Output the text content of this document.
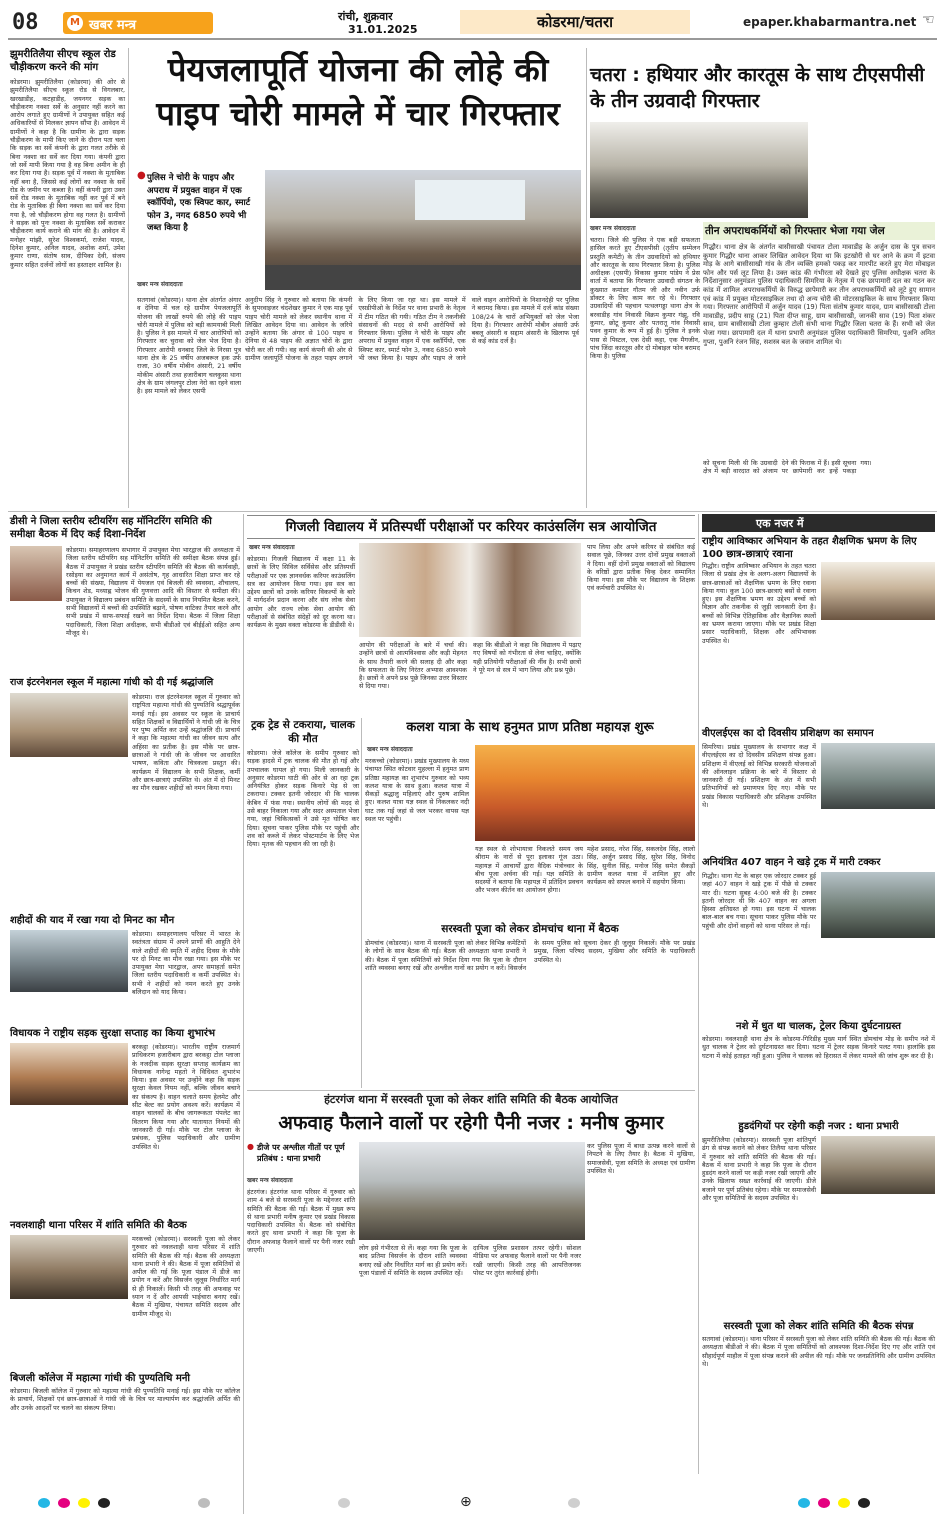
08	M खबर मन्त्र
रांची, शुक्रवार
31.01.2025	कोडरमा/चतरा	epaper.khabarmantra.net ☜
झुमरीतिलैया सीएच स्कूल रोड चौड़ीकरण करने की मांग
कोडरमा। झुमरीतिलैया (कोडरमा) की ओर से झुमरीतिलैया सीएच स्कूल रोड से विगलबार, खरखाडीह, कटहाडीह, जयनगर सड़क का चौड़ीकरण नक्शा सर्वे के अनुसार नहीं करने का आरोप लगाते हुए ग्रामीणों ने उपायुक्त सहित कई अधिकारियों से मिलकर ज्ञापन सौंपा है। आवेदन में ग्रामीणों ने कहा है कि ग्रामीण के द्वारा सड़क चौड़ीकरण के मापी किए जाने के दौरान पता चला कि सड़क का सर्वे कंपनी के द्वारा गलत तरीके से बिना नक्शा का सर्वे कर दिया गया। कंपनी द्वारा जो सर्वे मापी किया गया है वह बिना अमीन के ही कर दिया गया है। सड़क पूर्व में नक्शा के मुताबिक नहीं बना है, जिससे कई लोगों का नक्शा के सर्वे रोड के जमीन पर कब्जा है। वहीं कंपनी द्वारा उक्त सर्वे रोड नक्शा के मुताबिक नहीं कर पूर्व में बने रोड के मुताबिक ही बिना नक्शा का सर्वे कर दिया गया है, जो चौड़ीकरण होगा वह गलत है। ग्रामीणों ने सड़क को पुनः नक्शा के मुताबिक सर्वे कराकर चौड़ीकरण कार्य कराने की मांग की है। आवेदन में मनोहर मांझी, सुरेश विश्वकर्मा, राजेश यादव, दिनेश कुमार, अनिल यादव, अशोक शर्मा, उमेश कुमार राणा, संतोष साव, दीपिका देवी, संजय कुमार सहित दर्जनों लोगों का हस्ताक्षर शामिल है।
पेयजलापूर्ति योजना की लोहे की पाइप चोरी मामले में चार गिरफ्तार
● पुलिस ने चोरी के पाइप और अपराध में प्रयुक्त वाहन में एक स्कॉर्पियो, एक स्विफ्ट कार, स्मार्ट फोन 3, नगद 6850 रुपये भी जब्त किया है
खबर मन्त्र संवाददाता
सतगावां (कोडरमा)। थाना क्षेत्र अंतर्गत अंगार व देनिया में चल रहे ग्रामीण पेयजलापूर्ति योजना की लाखों रुपये की लोहे की पाइप चोरी मामले में पुलिस को बड़ी कामयाबी मिली है। पुलिस ने इस मामले में चार आरोपियों को गिरफ्तार कर चुरावा को जेल भेज दिया है। गिरफ्तार आरोपी धनबाद जिले के निरसा पुत्र थाना क्षेत्र के 25 वर्षीय अजबरूल हक उर्फ राजा, 30 वर्षीय मोबीन अंसारी, 21 वर्षीय मोकीम अंसारी तथा हजारीबाग चलकुसा थाना क्षेत्र के ग्राम जंगलपुर टोला नेरो का रहने वाला है। इस मामले को लेकर एसपी
अनुदीप सिंह ने गुरुवार को बताया कि कंपनी के सुपरवाइजर चंदशेखर कुमार ने एक माह पूर्व पाइप चोरी मामले को लेकर स्थानीय थाना में लिखित आवेदन दिया था। आवेदन के जरिये उन्होंने बताया कि अंगार से 100 पाइप व देनिया से 48 पाइप की अज्ञात चोरों के द्वारा चोरी कर ली गयी। वह कार्य कंपनी की ओर से ग्रामीण जलापूर्ति योजना के तहत पाइप लगाने के लिए किया जा रहा था। इस मामले में एसडीपीओ के निर्देश पर थाना प्रभारी के नेतृत्व में टीम गठित की गयी। गठित टीम ने तकनीकी संसाधनों की मदद से सभी आरोपियों को गिरफ्तार किया। पुलिस ने चोरी के पाइप और अपराध में प्रयुक्त वाहन में एक स्कॉर्पियो, एक स्विफ्ट कार, स्मार्ट फोन 3, नकद 6850 रुपये भी जब्त किया है। पाइप और पाइप ले जाने वाले वाहन आरोपियों के निशानदेही पर पुलिस ने बरामद किया। इस मामले में दर्ज कांड संख्या 108/24 के चारों अभियुक्तों को जेल भेजा दिया है। गिरफ्तार आरोपी मोबीन अंसारी उर्फ बबलू अंसारी व सद्दाम अंसारी के खिलाफ पूर्व से कई कांड दर्ज है।
चतरा : हथियार और कारतूस के साथ टीएसपीसी के तीन उग्रवादी गिरफ्तार
खबर मन्त्र संवाददाता
चतरा। जिले की पुलिस ने एक बड़ी सफलता हासिल करते हुए टीएसपीसी (तृतीय सम्मेलन प्रस्तुति कमेटी) के तीन उग्रवादियों को हथियार और कारतूस के साथ गिरफ्तार किया है। पुलिस अधीक्षक (एसपी) विकास कुमार पांडेय ने प्रेस वार्ता में बताया कि गिरफ्तार उग्रवादी संगठन के कुख्यात कमांडर गौतम जी और नवीन उर्फ डॉक्टर के लिए काम कर रहे थे। गिरफ्तार उग्रवादियों की पहचान पत्थलगड्डा थाना क्षेत्र के बरवाडीह गांव निवासी विक्रम कुमार गंझू, रवि कुमार, छोटू कुमार और पतरातू गांव निवासी पवन कुमार के रूप में हुई है। पुलिस ने इनके पास से पिस्टल, एक देसी कट्टा, एक मैगजीन, पांच जिंदा कारतूस और दो मोबाइल फोन बरामद किया है। पुलिस
तीन अपराधकर्मियों को गिरफ्तार भेजा गया जेल
गिद्धौर। थाना क्षेत्र के अंतर्गत बासीसाखी पंचायत टोला मावाडीह के अर्जुन दास के पुत्र सचन कुमार गिद्धौर थाना आकर लिखित आवेदन दिया था कि इटखोरी से घर आने के क्रम में इटवा मोड़ के आगे बासीसाखी गांव के तीन व्यक्ति हमको पकड़ कर मारपीट करते हुए मेरा मोबाइल फोन और पर्स लूट लिया है। उक्त कांड की गंभीरता को देखते हुए पुलिस अधीक्षक चतरा के निर्देशानुसार अनुमंडल पुलिस पदाधिकारी सिमरिया के नेतृत्व में एक छापामारी दल का गठन कर कांड में शामिल अपराधकर्मियों के विरुद्ध छापेमारी कर तीन अपराधकर्मियों को लूटे हुए सामान एवं कांड में प्रयुक्त मोटरसाइकिल तथा दो अन्य चोरी की मोटरसाइकिल के साथ गिरफ्तार किया गया। गिरफ्तार आरोपियों में अर्जुन यादव (19) पिता संतोष कुमार यादव, ग्राम बासीसाखी टोला मावाडीह, प्रदीप साहू (21) पिता दीप्त साहू, ग्राम बासीसाखी, जानकी साव (19) पिता शंकर साव, ग्राम बासीसाखी टोला कुम्हार टोली सभी थाना गिद्धौर जिला चतरा के हैं। सभी को जेल भेजा गया। छापामारी दल में थाना प्रभारी अनुमंडल पुलिस पदाधिकारी सिमरिया, पुअनि अमित गुप्ता, पुअनि रंजन सिंह, सशस्त्र बल के जवान शामिल थे।
को सूचना मिली थी कि उग्रवादी क्षेत्र में बड़ी वारदात को अंजाम देने की फिराक में हैं। इसी सूचना पर छापेमारी कर इन्हें पकड़ा गया।
डीसी ने जिला स्तरीय स्टीयरिंग सह मॉनिटरिंग समिति की समीक्षा बैठक में दिए कई दिशा-निर्देश
कोडरमा। समाहरणालय सभागार में उपायुक्त मेघा भारद्वाज की अध्यक्षता में जिला स्तरीय स्टीयरिंग सह मॉनिटरिंग समिति की समीक्षा बैठक संपन्न हुई। बैठक में उपायुक्त ने प्रखंड स्तरीय स्टीयरिंग समिति की बैठक की कार्यवाही, रसोइया का अनुमानत कार्य में असंतोष, गृह आधारित शिक्षा प्राप्त कर रहे बच्चों की संख्या, विद्यालय में पेयजल एवं बिजली की व्यवस्था, शौचालय, किचन शेड, मध्याह्न भोजन की गुणवत्ता आदि की विस्तार से समीक्षा की। उपायुक्त ने विद्यालय प्रबंधन समिति के सदस्यों के साथ नियमित बैठक करने, सभी विद्यालयों में बच्चों की उपस्थिति बढ़ाने, पोषण वाटिका तैयार करने और सभी प्रखंड में साफ-सफाई रखने का निर्देश दिया। बैठक में जिला शिक्षा पदाधिकारी, जिला शिक्षा अधीक्षक, सभी बीडीओ एवं बीईईओ सहित अन्य मौजूद थे।
राज इंटरनेशनल स्कूल में महात्मा गांधी को दी गई श्रद्धांजलि
कोडरमा। राज इंटरनेशनल स्कूल में गुरुवार को राष्ट्रपिता महात्मा गांधी की पुण्यतिथि श्रद्धापूर्वक मनाई गई। इस अवसर पर स्कूल के प्राचार्य सहित शिक्षकों व विद्यार्थियों ने गांधी जी के चित्र पर पुष्प अर्पित कर उन्हें श्रद्धांजलि दी। प्राचार्य ने कहा कि महात्मा गांधी का जीवन सत्य और अहिंसा का प्रतीक है। इस मौके पर छात्र-छात्राओं ने गांधी जी के जीवन पर आधारित भाषण, कविता और चित्रकला प्रस्तुत की। कार्यक्रम में विद्यालय के सभी शिक्षक, कर्मी और छात्र-छात्राएं उपस्थित थे। अंत में दो मिनट का मौन रखकर शहीदों को नमन किया गया।
शहीदों की याद में रखा गया दो मिनट का मौन
कोडरमा। समाहरणालय परिसर में भारत के स्वतंत्रता संग्राम में अपने प्राणों की आहुति देने वाले शहीदों की स्मृति में शहीद दिवस के मौके पर दो मिनट का मौन रखा गया। इस मौके पर उपायुक्त मेघा भारद्वाज, अपर समाहर्ता समेत जिला स्तरीय पदाधिकारी व कर्मी उपस्थित थे। सभी ने शहीदों को नमन करते हुए उनके बलिदान को याद किया।
विधायक ने राष्ट्रीय सड़क सुरक्षा सप्ताह का किया शुभारंभ
बरकट्ठा (कोडरमा)। भारतीय राष्ट्रीय राजमार्ग प्राधिकरण हजारीबाग द्वारा बरकट्ठा टोल प्लाजा के नजदीक सड़क सुरक्षा सप्ताह कार्यक्रम का विधायक नागेन्द्र महतो ने विधिवत शुभारंभ किया। इस अवसर पर उन्होंने कहा कि सड़क सुरक्षा केवल नियम नहीं, बल्कि जीवन बचाने का संकल्प है। वाहन चलाते समय हेलमेट और सीट बेल्ट का प्रयोग अवश्य करें। कार्यक्रम में वाहन चालकों के बीच जागरूकता पंपलेट का वितरण किया गया और यातायात नियमों की जानकारी दी गई। मौके पर टोल प्लाजा के प्रबंधक, पुलिस पदाधिकारी और ग्रामीण उपस्थित थे।
नवलशाही थाना परिसर में शांति समिति की बैठक
मरकच्चो (कोडरमा)। सरस्वती पूजा को लेकर गुरुवार को नवलशाही थाना परिसर में शांति समिति की बैठक की गई। बैठक की अध्यक्षता थाना प्रभारी ने की। बैठक में पूजा समितियों से अपील की गई कि पूजा पंडाल में डीजे का प्रयोग न करें और विसर्जन जुलूस निर्धारित मार्ग से ही निकालें। किसी भी तरह की अफवाह पर ध्यान न दें और आपसी भाईचारा बनाए रखें। बैठक में मुखिया, पंचायत समिति सदस्य और ग्रामीण मौजूद थे।
बिजली कॉलेज में महात्मा गांधी की पुण्यतिथि मनी
कोडरमा। बिजली कॉलेज में गुरुवार को महात्मा गांधी की पुण्यतिथि मनाई गई। इस मौके पर कॉलेज के प्राचार्य, शिक्षकों एवं छात्र-छात्राओं ने गांधी जी के चित्र पर माल्यार्पण कर श्रद्धांजलि अर्पित की और उनके आदर्शों पर चलने का संकल्प लिया।
गिजली विद्यालय में प्रतिस्पर्धी परीक्षाओं पर करियर काउंसलिंग सत्र आयोजित
खबर मन्त्र संवाददाता
कोडरमा। गिजली विद्यालय में कक्षा 11 के छात्रों के लिए सिविल सर्विसेस और प्रतिस्पर्धी परीक्षाओं पर एक ज्ञानवर्धक करियर काउंसलिंग सत्र का आयोजन किया गया। इस सत्र का उद्देश्य छात्रों को उनके करियर विकल्पों के बारे में मार्गदर्शन प्रदान करना और संघ लोक सेवा आयोग और राज्य लोक सेवा आयोग की परीक्षाओं से संबंधित संदेहों को दूर करना था। कार्यक्रम के मुख्य वक्ता कोडरमा के डीडीसी थे।
आयोग की परीक्षाओं के बारे में चर्चा की। उन्होंने छात्रों से आत्मविश्वास और कड़ी मेहनत के साथ तैयारी करने की सलाह दी और कहा कि सफलता के लिए निरंतर अभ्यास आवश्यक है। छात्रों ने अपने प्रश्न पूछे जिनका उत्तर विस्तार से दिया गया।
कहा कि बीडीओ ने कहा कि विद्यालय में पढ़ाए गए विषयों को गंभीरता से लेना चाहिए, क्योंकि यही प्रतियोगी परीक्षाओं की नींव है। सभी छात्रों ने पूरे मन से सत्र में भाग लिया और प्रश्न पूछे।
पाप लिया और अपने करियर से संबंधित कई सवाल पूछे, जिनका उत्तर दोनों प्रमुख वक्ताओं ने दिया। वहीं दोनों प्रमुख वक्ताओं को विद्यालय के वरिष्ठों द्वारा प्रतीक चिन्ह देकर सम्मानित किया गया। इस मौके पर विद्यालय के शिक्षक एवं कर्मचारी उपस्थित थे।
ट्रक ट्रेड से टकराया, चालक की मौत
कोडरमा। जेजे कॉलेज के समीप गुरुवार को सड़क हादसे में ट्रक चालक की मौत हो गई और उपचालक घायल हो गया। मिली जानकारी के अनुसार कोडरमा घाटी की ओर से आ रहा ट्रक अनियंत्रित होकर सड़क किनारे पेड़ से जा टकराया। टक्कर इतनी जोरदार थी कि चालक केबिन में फंस गया। स्थानीय लोगों की मदद से उसे बाहर निकाला गया और सदर अस्पताल भेजा गया, जहां चिकित्सकों ने उसे मृत घोषित कर दिया। सूचना पाकर पुलिस मौके पर पहुंची और शव को कब्जे में लेकर पोस्टमार्टम के लिए भेज दिया। मृतक की पहचान की जा रही है।
कलश यात्रा के साथ हनुमत प्राण प्रतिष्ठा महायज्ञ शुरू
खबर मन्त्र संवाददाता
मरकच्चो (कोडरमा)। प्रखंड मुख्यालय के मध्य पंचायत स्थित कोटवार मुहल्ला में हनुमत प्राण प्रतिष्ठा महायज्ञ का शुभारंभ गुरुवार को भव्य कलश यात्रा के साथ हुआ। कलश यात्रा में सैकड़ों श्रद्धालु महिलाएं और पुरुष शामिल हुए। कलश यात्रा यज्ञ स्थल से निकलकर नदी घाट तक गई जहां से जल भरकर वापस यज्ञ स्थल पर पहुंची।
यज्ञ स्थल से शोभायात्रा निकलते समय जय श्रीराम के नारों से पूरा इलाका गूंज उठा। महायज्ञ में आचार्यों द्वारा वैदिक मंत्रोच्चार के बीच पूजा अर्चना की गई। यज्ञ समिति के सदस्यों ने बताया कि महायज्ञ में प्रतिदिन प्रवचन और भजन कीर्तन का आयोजन होगा।
महेश प्रसाद, नरेश सिंह, सकलदेव सिंह, लालो सिंह, अर्जुन प्रसाद सिंह, सुरेश सिंह, विनोद सिंह, सुनील सिंह, मनोज सिंह समेत सैकड़ों ग्रामीण कलश यात्रा में शामिल हुए और कार्यक्रम को सफल बनाने में सहयोग किया।
सरस्वती पूजा को लेकर डोमचांच थाना में बैठक
डोमचांच (कोडरमा)। थाना में सरस्वती पूजा को लेकर विभिन्न कमेटियों के लोगों के साथ बैठक की गई। बैठक की अध्यक्षता थाना प्रभारी ने की। बैठक में पूजा समितियों को निर्देश दिया गया कि पूजा के दौरान शांति व्यवस्था बनाए रखें और अश्लील गानों का प्रयोग न करें। विसर्जन के समय पुलिस को सूचना देकर ही जुलूस निकालें। मौके पर प्रखंड प्रमुख, जिला परिषद सदस्य, मुखिया और समिति के पदाधिकारी उपस्थित थे।
हंटरगंज थाना में सरस्वती पूजा को लेकर शांति समिति की बैठक आयोजित
अफवाह फैलाने वालों पर रहेगी पैनी नजर : मनीष कुमार
● डीजे पर अश्लील गीतों पर पूर्ण प्रतिबंध : थाना प्रभारी
खबर मन्त्र संवाददाता
हंटरगंज। हंटरगंज थाना परिसर में गुरुवार को शाम 4 बजे से सरस्वती पूजा के मद्देनजर शांति समिति की बैठक की गई। बैठक में मुख्य रूप से थाना प्रभारी मनीष कुमार एवं प्रखंड विकास पदाधिकारी उपस्थित थे। बैठक को संबोधित करते हुए थाना प्रभारी ने कहा कि पूजा के दौरान अफवाह फैलाने वालों पर पैनी नजर रखी जाएगी।	लोग इसे गंभीरता से लें। कहा गया कि पूजा के बाद प्रतिमा विसर्जन के दौरान शांति व्यवस्था बनाए रखें और निर्धारित मार्ग का ही प्रयोग करें। पूजा पंडालों में समिति के सदस्य उपस्थित रहें।
दायित्व पुलिस प्रशासन तत्पर रहेगी। सोशल मीडिया पर अफवाह फैलाने वालों पर पैनी नजर रखी जाएगी। किसी तरह की आपत्तिजनक पोस्ट पर तुरंत कार्रवाई होगी।
कर पुलिस पूजा में बाधा उत्पन्न करने वालों से निपटने के लिए तैयार है। बैठक में मुखिया, समाजसेवी, पूजा समिति के अध्यक्ष एवं ग्रामीण उपस्थित थे।
एक नजर में
राष्ट्रीय आविष्कार अभियान के तहत शैक्षणिक भ्रमण के लिए 100 छात्र-छात्राएं रवाना
गिद्धौर। राष्ट्रीय आविष्कार अभियान के तहत चतरा जिला से प्रखंड क्षेत्र के अलग-अलग विद्यालयों के छात्र-छात्राओं को शैक्षणिक भ्रमण के लिए रवाना किया गया। कुल 100 छात्र-छात्राएं बसों से रवाना हुए। इस शैक्षणिक भ्रमण का उद्देश्य बच्चों को विज्ञान और तकनीक से जुड़ी जानकारी देना है। बच्चों को विभिन्न ऐतिहासिक और वैज्ञानिक स्थलों का भ्रमण कराया जाएगा। मौके पर प्रखंड शिक्षा प्रसार पदाधिकारी, शिक्षक और अभिभावक उपस्थित थे।
वीएलईएस का दो दिवसीय प्रशिक्षण का समापन
सिमरिया। प्रखंड मुख्यालय के सभागार कक्ष में वीएलईएस का दो दिवसीय प्रशिक्षण संपन्न हुआ। प्रशिक्षण में वीएलई को विभिन्न सरकारी योजनाओं की ऑनलाइन प्रक्रिया के बारे में विस्तार से जानकारी दी गई। प्रशिक्षण के अंत में सभी प्रतिभागियों को प्रमाणपत्र दिए गए। मौके पर प्रखंड विकास पदाधिकारी और प्रशिक्षक उपस्थित थे।
अनियंत्रित 407 वाहन ने खड़े ट्रक में मारी टक्कर
गिद्धौर। थाना गेट के बाहर एक जोरदार टक्कर हुई जहां 407 वाहन ने खड़े ट्रक में पीछे से टक्कर मार दी। घटना सुबह 4:00 बजे की है। टक्कर इतनी जोरदार थी कि 407 वाहन का अगला हिस्सा क्षतिग्रस्त हो गया। इस घटना में चालक बाल-बाल बच गया। सूचना पाकर पुलिस मौके पर पहुंची और दोनों वाहनों को थाना परिसर ले गई।
नशे में धुत था चालक, ट्रेलर किया दुर्घटनाग्रस्त
कोडरमा। नवलशाही थाना क्षेत्र के कोडरमा-गिरिडीह मुख्य मार्ग स्थित डोमचांच मोड़ के समीप नशे में धुत चालक ने ट्रेलर को दुर्घटनाग्रस्त कर दिया। घटना में ट्रेलर सड़क किनारे पलट गया। हालांकि इस घटना में कोई हताहत नहीं हुआ। पुलिस ने चालक को हिरासत में लेकर मामले की जांच शुरू कर दी है।
हुडदंगियों पर रहेगी कड़ी नजर : थाना प्रभारी
झुमरीतिलैया (कोडरमा)। सरस्वती पूजा शांतिपूर्ण ढंग से संपन्न कराने को लेकर तिलैया थाना परिसर में गुरुवार को शांति समिति की बैठक की गई। बैठक में थाना प्रभारी ने कहा कि पूजा के दौरान हुडदंग करने वालों पर कड़ी नजर रखी जाएगी और उनके खिलाफ सख्त कार्रवाई की जाएगी। डीजे बजाने पर पूर्ण प्रतिबंध रहेगा। मौके पर समाजसेवी और पूजा समितियों के सदस्य उपस्थित थे।
सरस्वती पूजा को लेकर शांति समिति की बैठक संपन्न
सतगावां (कोडरमा)। थाना परिसर में सरस्वती पूजा को लेकर शांति समिति की बैठक की गई। बैठक की अध्यक्षता बीडीओ ने की। बैठक में पूजा समितियों को आवश्यक दिशा-निर्देश दिए गए और शांति एवं सौहार्दपूर्ण माहौल में पूजा संपन्न कराने की अपील की गई। मौके पर जनप्रतिनिधि और ग्रामीण उपस्थित थे।
⊕
